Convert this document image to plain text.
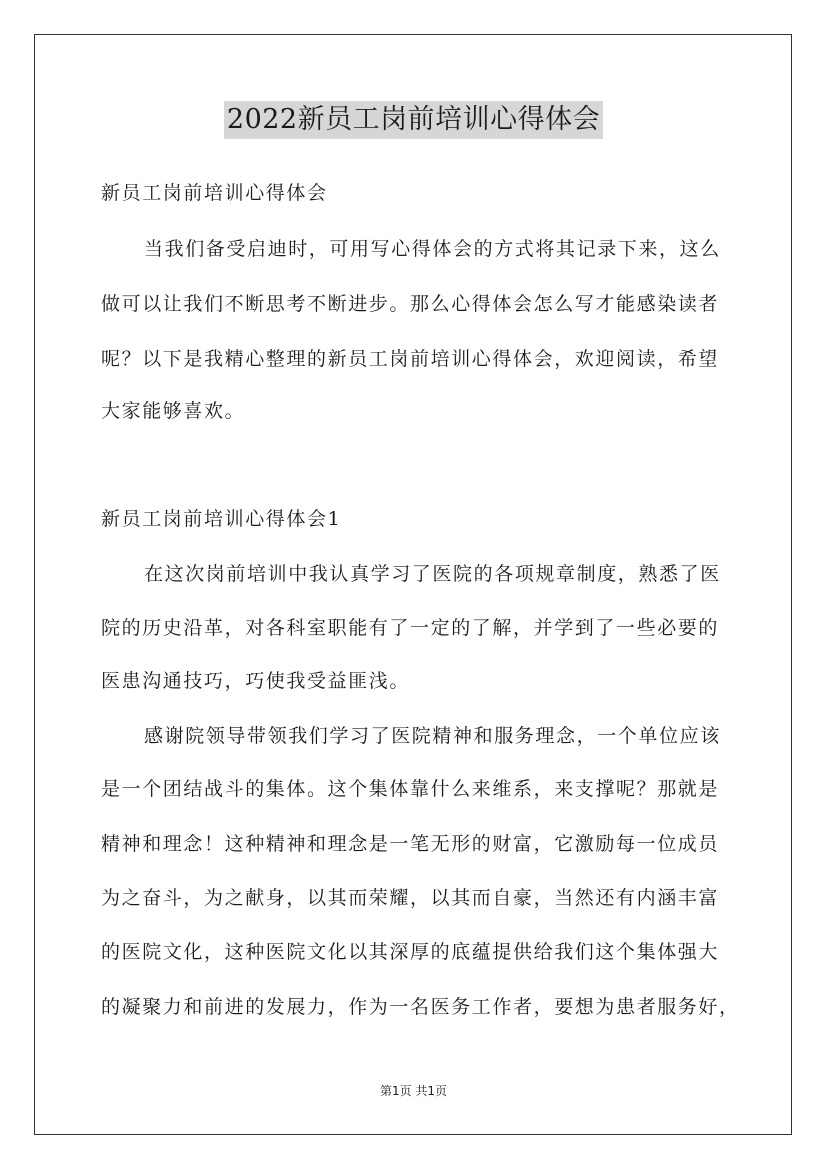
2022新员工岗前培训心得体会
新员工岗前培训心得体会
当我们备受启迪时，可用写心得体会的方式将其记录下来，这么
做可以让我们不断思考不断进步。那么心得体会怎么写才能感染读者
呢？以下是我精心整理的新员工岗前培训心得体会，欢迎阅读，希望
大家能够喜欢。
新员工岗前培训心得体会1
在这次岗前培训中我认真学习了医院的各项规章制度，熟悉了医
院的历史沿革，对各科室职能有了一定的了解，并学到了一些必要的
医患沟通技巧，巧使我受益匪浅。
感谢院领导带领我们学习了医院精神和服务理念，一个单位应该
是一个团结战斗的集体。这个集体靠什么来维系，来支撑呢？那就是
精神和理念！这种精神和理念是一笔无形的财富，它激励每一位成员
为之奋斗，为之献身，以其而荣耀，以其而自豪，当然还有内涵丰富
的医院文化，这种医院文化以其深厚的底蕴提供给我们这个集体强大
的凝聚力和前进的发展力，作为一名医务工作者，要想为患者服务好，
第1页 共1页
